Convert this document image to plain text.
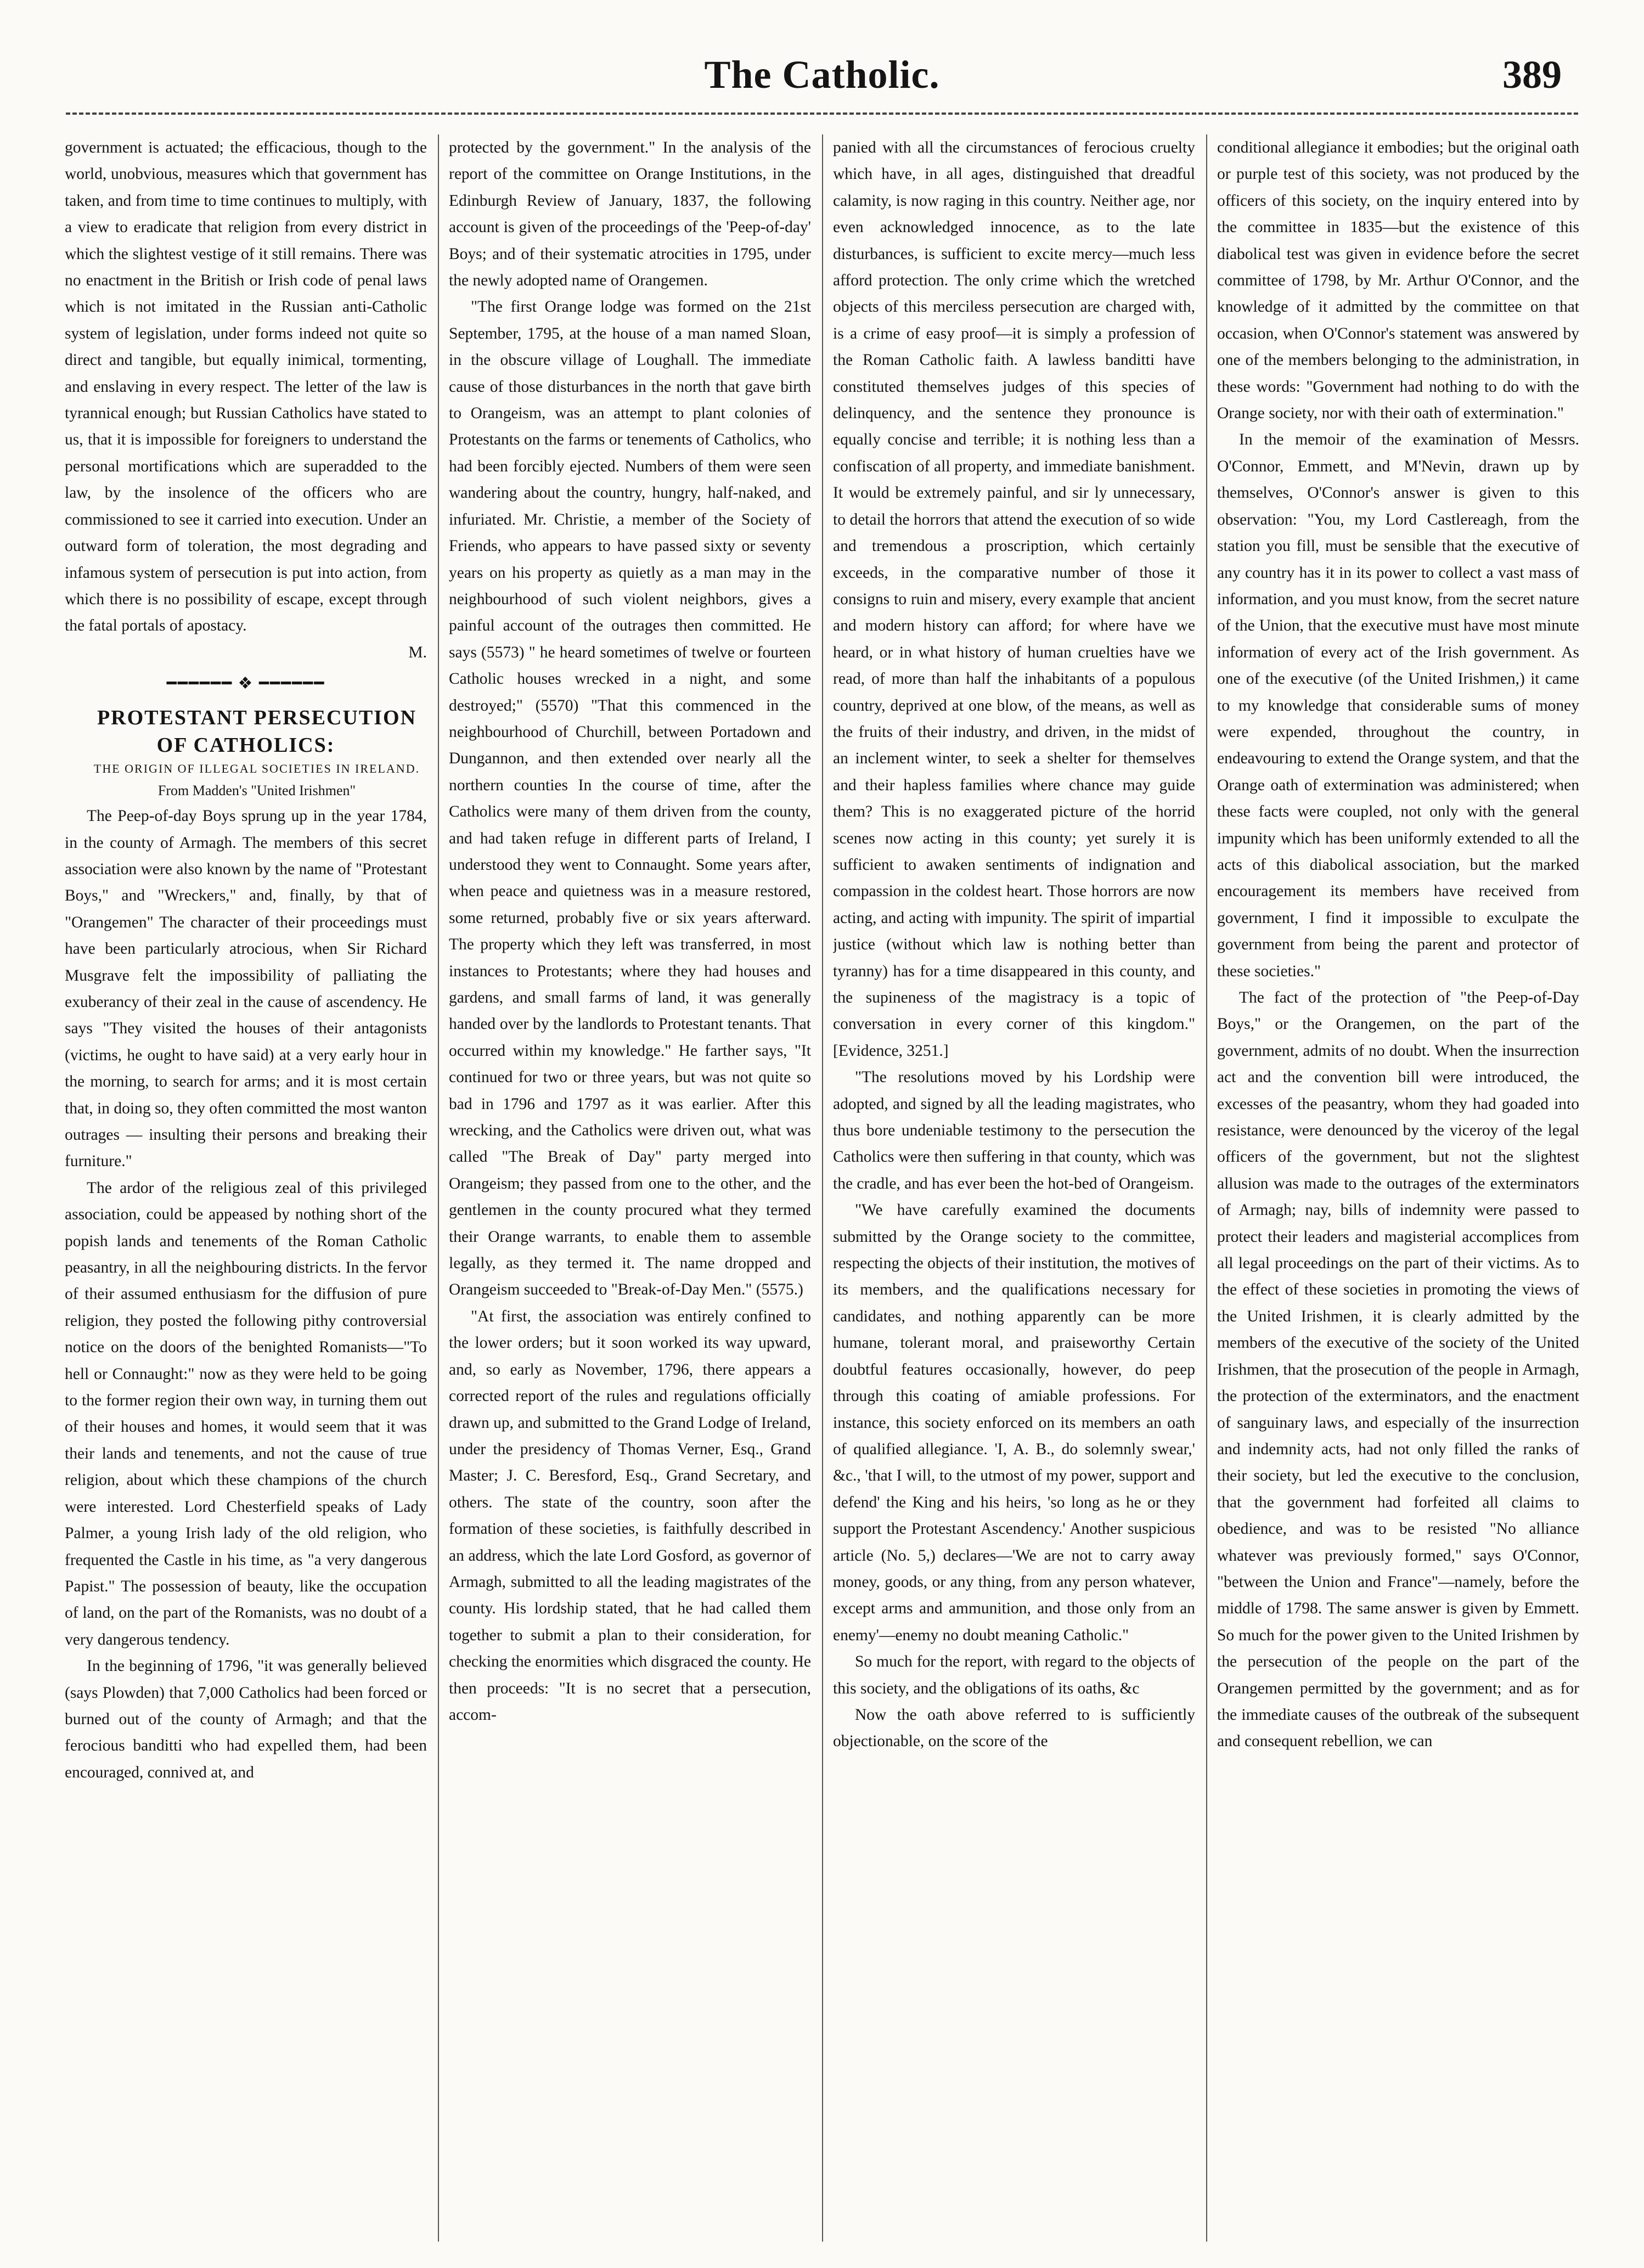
The Catholic.	389

government is actuated; the efficacious, though to the world, unobvious, measures which that government has taken, and from time to time continues to multiply, with a view to eradicate that religion from every district in which the slightest vestige of it still remains. There was no enactment in the British or Irish code of penal laws which is not imitated in the Russian anti-Catholic system of legislation, under forms indeed not quite so direct and tangible, but equally inimical, tormenting, and enslaving in every respect. The letter of the law is tyrannical enough; but Russian Catholics have stated to us, that it is impossible for foreigners to understand the personal mortifications which are superadded to the law, by the insolence of the officers who are commissioned to see it carried into execution. Under an outward form of toleration, the most degrading and infamous system of persecution is put into action, from which there is no possibility of escape, except through the fatal portals of apostacy.

M.

━━━━━━ ❖ ━━━━━━

PROTESTANT PERSECUTION OF CATHOLICS:

THE ORIGIN OF ILLEGAL SOCIETIES IN IRELAND.

From Madden's "United Irishmen"

The Peep-of-day Boys sprung up in the year 1784, in the county of Armagh. The members of this secret association were also known by the name of "Protestant Boys," and "Wreckers," and, finally, by that of "Orangemen" The character of their proceedings must have been particularly atrocious, when Sir Richard Musgrave felt the impossibility of palliating the exuberancy of their zeal in the cause of ascendency. He says "They visited the houses of their antagonists (victims, he ought to have said) at a very early hour in the morning, to search for arms; and it is most certain that, in doing so, they often committed the most wanton outrages — insulting their persons and breaking their furniture."

The ardor of the religious zeal of this privileged association, could be appeased by nothing short of the popish lands and tenements of the Roman Catholic peasantry, in all the neighbouring districts. In the fervor of their assumed enthusiasm for the diffusion of pure religion, they posted the following pithy controversial notice on the doors of the benighted Romanists—"To hell or Connaught:" now as they were held to be going to the former region their own way, in turning them out of their houses and homes, it would seem that it was their lands and tenements, and not the cause of true religion, about which these champions of the church were interested. Lord Chesterfield speaks of Lady Palmer, a young Irish lady of the old religion, who frequented the Castle in his time, as "a very dangerous Papist." The possession of beauty, like the occupation of land, on the part of the Romanists, was no doubt of a very dangerous tendency.

In the beginning of 1796, "it was generally believed (says Plowden) that 7,000 Catholics had been forced or burned out of the county of Armagh; and that the ferocious banditti who had expelled them, had been encouraged, connived at, and

protected by the government." In the analysis of the report of the committee on Orange Institutions, in the Edinburgh Review of January, 1837, the following account is given of the proceedings of the 'Peep-of-day' Boys; and of their systematic atrocities in 1795, under the newly adopted name of Orangemen.

"The first Orange lodge was formed on the 21st September, 1795, at the house of a man named Sloan, in the obscure village of Loughall. The immediate cause of those disturbances in the north that gave birth to Orangeism, was an attempt to plant colonies of Protestants on the farms or tenements of Catholics, who had been forcibly ejected. Numbers of them were seen wandering about the country, hungry, half-naked, and infuriated. Mr. Christie, a member of the Society of Friends, who appears to have passed sixty or seventy years on his property as quietly as a man may in the neighbourhood of such violent neighbors, gives a painful account of the outrages then committed. He says (5573) " he heard sometimes of twelve or fourteen Catholic houses wrecked in a night, and some destroyed;" (5570) "That this commenced in the neighbourhood of Churchill, between Portadown and Dungannon, and then extended over nearly all the northern counties In the course of time, after the Catholics were many of them driven from the county, and had taken refuge in different parts of Ireland, I understood they went to Connaught. Some years after, when peace and quietness was in a measure restored, some returned, probably five or six years afterward. The property which they left was transferred, in most instances to Protestants; where they had houses and gardens, and small farms of land, it was generally handed over by the landlords to Protestant tenants. That occurred within my knowledge." He farther says, "It continued for two or three years, but was not quite so bad in 1796 and 1797 as it was earlier. After this wrecking, and the Catholics were driven out, what was called "The Break of Day" party merged into Orangeism; they passed from one to the other, and the gentlemen in the county procured what they termed their Orange warrants, to enable them to assemble legally, as they termed it. The name dropped and Orangeism succeeded to "Break-of-Day Men." (5575.)

"At first, the association was entirely confined to the lower orders; but it soon worked its way upward, and, so early as November, 1796, there appears a corrected report of the rules and regulations officially drawn up, and submitted to the Grand Lodge of Ireland, under the presidency of Thomas Verner, Esq., Grand Master; J. C. Beresford, Esq., Grand Secretary, and others. The state of the country, soon after the formation of these societies, is faithfully described in an address, which the late Lord Gosford, as governor of Armagh, submitted to all the leading magistrates of the county. His lordship stated, that he had called them together to submit a plan to their consideration, for checking the enormities which disgraced the county. He then proceeds: "It is no secret that a persecution, accom-

panied with all the circumstances of ferocious cruelty which have, in all ages, distinguished that dreadful calamity, is now raging in this country. Neither age, nor even acknowledged innocence, as to the late disturbances, is sufficient to excite mercy—much less afford protection. The only crime which the wretched objects of this merciless persecution are charged with, is a crime of easy proof—it is simply a profession of the Roman Catholic faith. A lawless banditti have constituted themselves judges of this species of delinquency, and the sentence they pronounce is equally concise and terrible; it is nothing less than a confiscation of all property, and immediate banishment. It would be extremely painful, and sir ly unnecessary, to detail the horrors that attend the execution of so wide and tremendous a proscription, which certainly exceeds, in the comparative number of those it consigns to ruin and misery, every example that ancient and modern history can afford; for where have we heard, or in what history of human cruelties have we read, of more than half the inhabitants of a populous country, deprived at one blow, of the means, as well as the fruits of their industry, and driven, in the midst of an inclement winter, to seek a shelter for themselves and their hapless families where chance may guide them? This is no exaggerated picture of the horrid scenes now acting in this county; yet surely it is sufficient to awaken sentiments of indignation and compassion in the coldest heart. Those horrors are now acting, and acting with impunity. The spirit of impartial justice (without which law is nothing better than tyranny) has for a time disappeared in this county, and the supineness of the magistracy is a topic of conversation in every corner of this kingdom." [Evidence, 3251.]

"The resolutions moved by his Lordship were adopted, and signed by all the leading magistrates, who thus bore undeniable testimony to the persecution the Catholics were then suffering in that county, which was the cradle, and has ever been the hot-bed of Orangeism.

"We have carefully examined the documents submitted by the Orange society to the committee, respecting the objects of their institution, the motives of its members, and the qualifications necessary for candidates, and nothing apparently can be more humane, tolerant moral, and praiseworthy Certain doubtful features occasionally, however, do peep through this coating of amiable professions. For instance, this society enforced on its members an oath of qualified allegiance. 'I, A. B., do solemnly swear,' &c., 'that I will, to the utmost of my power, support and defend' the King and his heirs, 'so long as he or they support the Protestant Ascendency.' Another suspicious article (No. 5,) declares—'We are not to carry away money, goods, or any thing, from any person whatever, except arms and ammunition, and those only from an enemy'—enemy no doubt meaning Catholic."

So much for the report, with regard to the objects of this society, and the obligations of its oaths, &c

Now the oath above referred to is sufficiently objectionable, on the score of the

conditional allegiance it embodies; but the original oath or purple test of this society, was not produced by the officers of this society, on the inquiry entered into by the committee in 1835—but the existence of this diabolical test was given in evidence before the secret committee of 1798, by Mr. Arthur O'Connor, and the knowledge of it admitted by the committee on that occasion, when O'Connor's statement was answered by one of the members belonging to the administration, in these words: "Government had nothing to do with the Orange society, nor with their oath of extermination."

In the memoir of the examination of Messrs. O'Connor, Emmett, and M'Nevin, drawn up by themselves, O'Connor's answer is given to this observation: "You, my Lord Castlereagh, from the station you fill, must be sensible that the executive of any country has it in its power to collect a vast mass of information, and you must know, from the secret nature of the Union, that the executive must have most minute information of every act of the Irish government. As one of the executive (of the United Irishmen,) it came to my knowledge that considerable sums of money were expended, throughout the country, in endeavouring to extend the Orange system, and that the Orange oath of extermination was administered; when these facts were coupled, not only with the general impunity which has been uniformly extended to all the acts of this diabolical association, but the marked encouragement its members have received from government, I find it impossible to exculpate the government from being the parent and protector of these societies."

The fact of the protection of "the Peep-of-Day Boys," or the Orangemen, on the part of the government, admits of no doubt. When the insurrection act and the convention bill were introduced, the excesses of the peasantry, whom they had goaded into resistance, were denounced by the viceroy of the legal officers of the government, but not the slightest allusion was made to the outrages of the exterminators of Armagh; nay, bills of indemnity were passed to protect their leaders and magisterial accomplices from all legal proceedings on the part of their victims. As to the effect of these societies in promoting the views of the United Irishmen, it is clearly admitted by the members of the executive of the society of the United Irishmen, that the prosecution of the people in Armagh, the protection of the exterminators, and the enactment of sanguinary laws, and especially of the insurrection and indemnity acts, had not only filled the ranks of their society, but led the executive to the conclusion, that the government had forfeited all claims to obedience, and was to be resisted "No alliance whatever was previously formed," says O'Connor, "between the Union and France"—namely, before the middle of 1798. The same answer is given by Emmett. So much for the power given to the United Irishmen by the persecution of the people on the part of the Orangemen permitted by the government; and as for the immediate causes of the outbreak of the subsequent and consequent rebellion, we can
